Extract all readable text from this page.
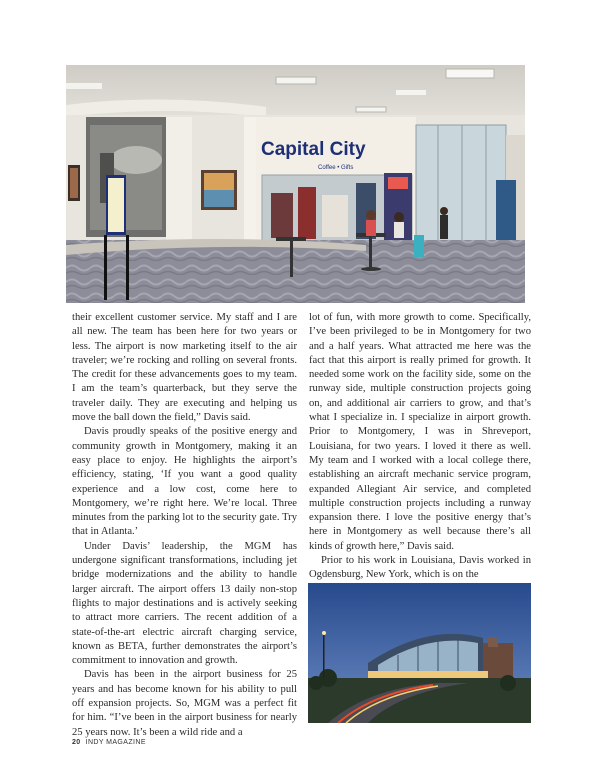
Capital City
Coffee • Gifts

their excellent customer service. My staff and I are all new. The team has been here for two years or less. The airport is now marketing itself to the air traveler; we’re rocking and rolling on several fronts. The credit for these advancements goes to my team. I am the team’s quarterback, but they serve the traveler daily. They are executing and helping us move the ball down the field,” Davis said.

Davis proudly speaks of the positive energy and community growth in Montgomery, making it an easy place to enjoy. He highlights the airport’s efficiency, stating, ‘If you want a good quality experience and a low cost, come here to Montgomery, we’re right here. We’re local. Three minutes from the parking lot to the security gate. Try that in Atlanta.’

Under Davis’ leadership, the MGM has undergone significant transformations, including jet bridge modernizations and the ability to handle larger aircraft. The airport offers 13 daily non-stop flights to major destinations and is actively seeking to attract more carriers. The recent addition of a state-of-the-art electric aircraft charging service, known as BETA, further demonstrates the airport’s commitment to innovation and growth.

Davis has been in the airport business for 25 years and has become known for his ability to pull off expansion projects. So, MGM was a perfect fit for him. “I’ve been in the airport business for nearly 25 years now. It’s been a wild ride and a

lot of fun, with more growth to come. Specifically, I’ve been privileged to be in Montgomery for two and a half years. What attracted me here was the fact that this airport is really primed for growth. It needed some work on the facility side, some on the runway side, multiple construction projects going on, and additional air carriers to grow, and that’s what I specialize in. I specialize in airport growth. Prior to Montgomery, I was in Shreveport, Louisiana, for two years. I loved it there as well. My team and I worked with a local college there, establishing an aircraft mechanic service program, expanded Allegiant Air service, and completed multiple construction projects including a runway expansion there. I love the positive energy that’s here in Montgomery as well because there’s all kinds of growth here,” Davis said.

Prior to his work in Louisiana, Davis worked in Ogdensburg, New York, which is on the

20 INDY MAGAZINE
